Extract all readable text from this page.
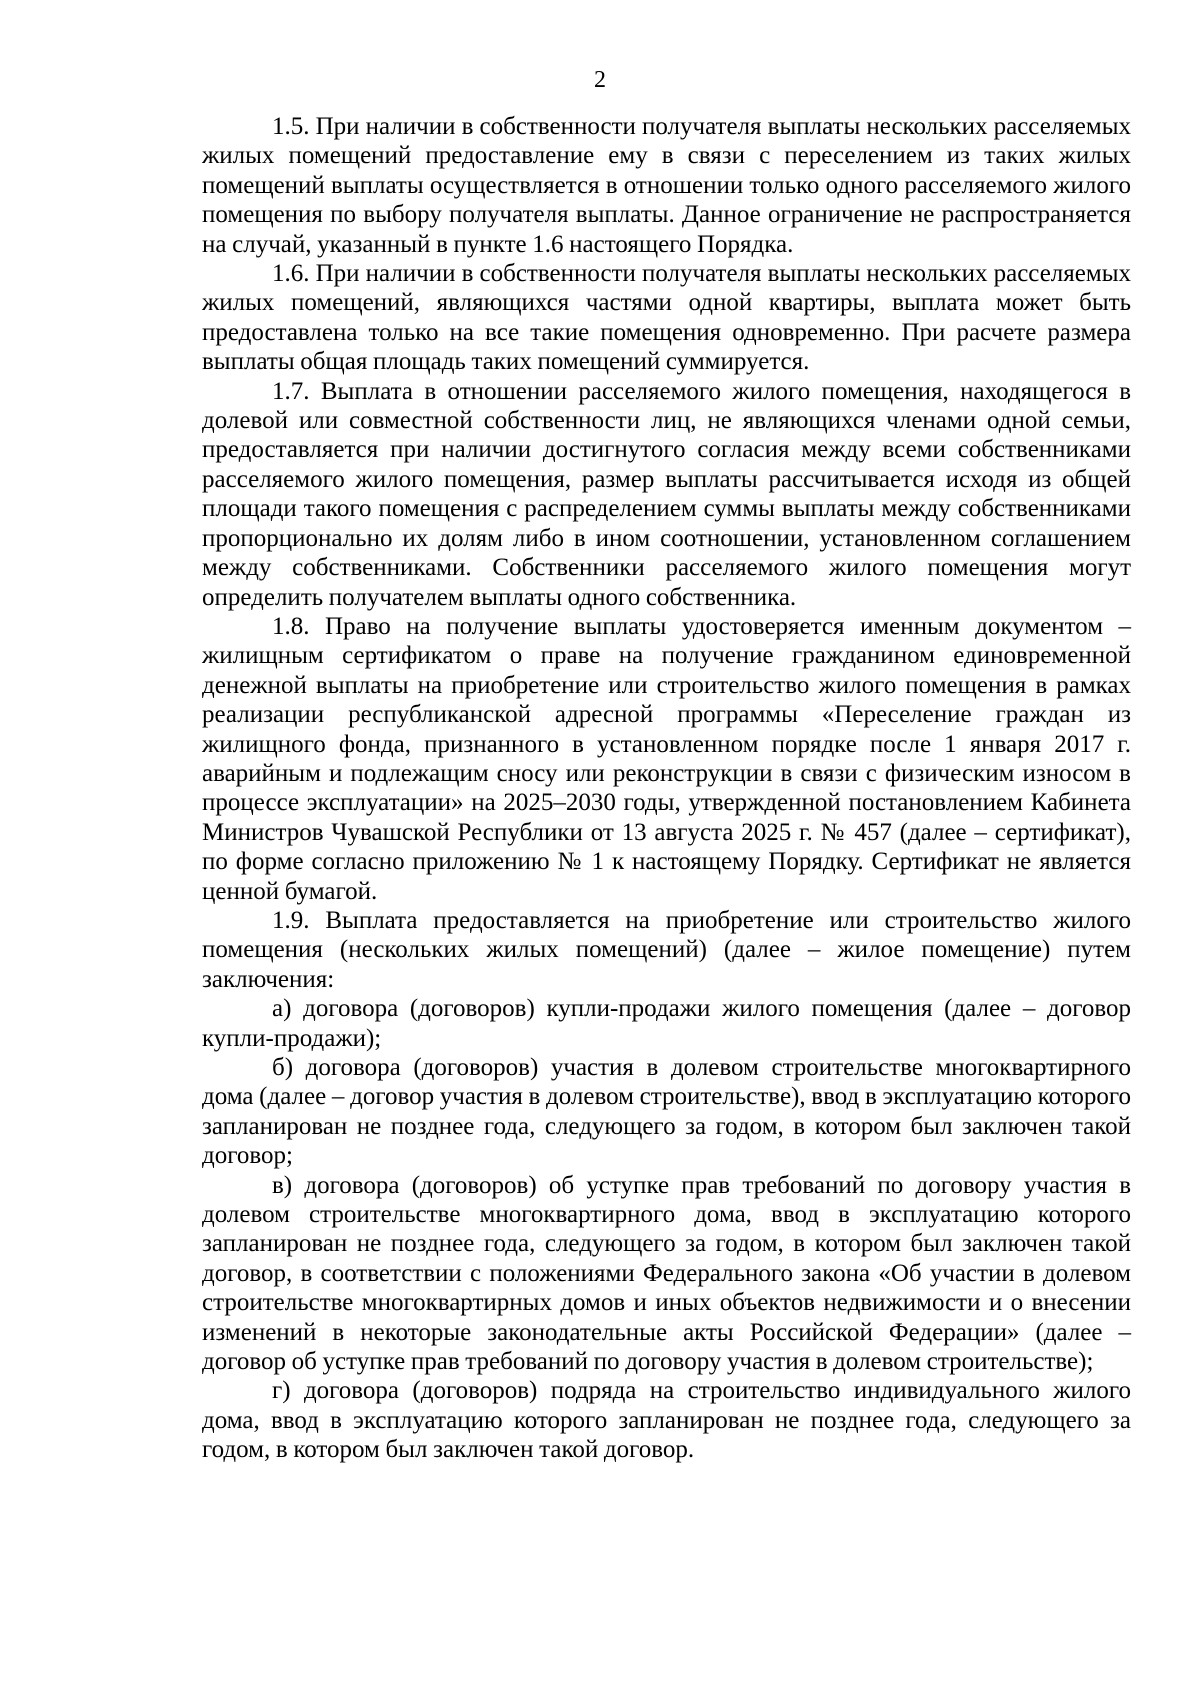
2

1.5. При наличии в собственности получателя выплаты нескольких расселяемых жилых помещений предоставление ему в связи с переселением из таких жилых помещений выплаты осуществляется в отношении только одного расселяемого жилого помещения по выбору получателя выплаты. Данное ограничение не распространяется на случай, указанный в пункте 1.6 настоящего Порядка.

1.6. При наличии в собственности получателя выплаты нескольких расселяемых жилых помещений, являющихся частями одной квартиры, выплата может быть предоставлена только на все такие помещения одновременно. При расчете размера выплаты общая площадь таких помещений суммируется.

1.7. Выплата в отношении расселяемого жилого помещения, находящегося в долевой или совместной собственности лиц, не являющихся членами одной семьи, предоставляется при наличии достигнутого согласия между всеми собственниками расселяемого жилого помещения, размер выплаты рассчитывается исходя из общей площади такого помещения с распределением суммы выплаты между собственниками пропорционально их долям либо в ином соотношении, установленном соглашением между собственниками. Собственники расселяемого жилого помещения могут определить получателем выплаты одного собственника.

1.8. Право на получение выплаты удостоверяется именным документом – жилищным сертификатом о праве на получение гражданином единовременной денежной выплаты на приобретение или строительство жилого помещения в рамках реализации республиканской адресной программы «Переселение граждан из жилищного фонда, признанного в установленном порядке после 1 января 2017 г. аварийным и подлежащим сносу или реконструкции в связи с физическим износом в процессе эксплуатации» на 2025–2030 годы, утвержденной постановлением Кабинета Министров Чувашской Республики от 13 августа 2025 г. № 457 (далее – сертификат), по форме согласно приложению № 1 к настоящему Порядку. Сертификат не является ценной бумагой.

1.9. Выплата предоставляется на приобретение или строительство жилого помещения (нескольких жилых помещений) (далее – жилое помещение) путем заключения:

а) договора (договоров) купли-продажи жилого помещения (далее – договор купли-продажи);

б) договора (договоров) участия в долевом строительстве многоквартирного дома (далее – договор участия в долевом строительстве), ввод в эксплуатацию которого запланирован не позднее года, следующего за годом, в котором был заключен такой договор;

в) договора (договоров) об уступке прав требований по договору участия в долевом строительстве многоквартирного дома, ввод в эксплуатацию которого запланирован не позднее года, следующего за годом, в котором был заключен такой договор, в соответствии с положениями Федерального закона «Об участии в долевом строительстве многоквартирных домов и иных объектов недвижимости и о внесении изменений в некоторые законодательные акты Российской Федерации» (далее – договор об уступке прав требований по договору участия в долевом строительстве);

г) договора (договоров) подряда на строительство индивидуального жилого дома, ввод в эксплуатацию которого запланирован не позднее года, следующего за годом, в котором был заключен такой договор.
